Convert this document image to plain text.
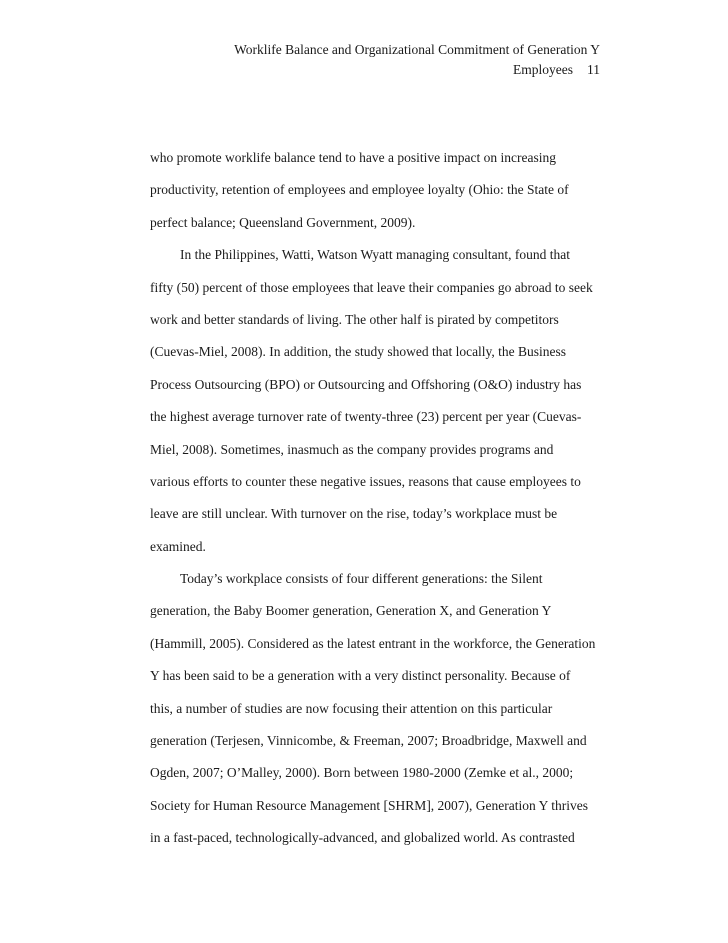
Worklife Balance and Organizational Commitment of Generation Y
Employees 11
who promote worklife balance tend to have a positive impact on increasing
productivity, retention of employees and employee loyalty (Ohio: the State of
perfect balance; Queensland Government, 2009).
In the Philippines, Watti, Watson Wyatt managing consultant, found that
fifty (50) percent of those employees that leave their companies go abroad to seek
work and better standards of living. The other half is pirated by competitors
(Cuevas-Miel, 2008). In addition, the study showed that locally, the Business
Process Outsourcing (BPO) or Outsourcing and Offshoring (O&O) industry has
the highest average turnover rate of twenty-three (23) percent per year (Cuevas-
Miel, 2008). Sometimes, inasmuch as the company provides programs and
various efforts to counter these negative issues, reasons that cause employees to
leave are still unclear. With turnover on the rise, today’s workplace must be
examined.
Today’s workplace consists of four different generations: the Silent
generation, the Baby Boomer generation, Generation X, and Generation Y
(Hammill, 2005). Considered as the latest entrant in the workforce, the Generation
Y has been said to be a generation with a very distinct personality. Because of
this, a number of studies are now focusing their attention on this particular
generation (Terjesen, Vinnicombe, & Freeman, 2007; Broadbridge, Maxwell and
Ogden, 2007; O’Malley, 2000). Born between 1980-2000 (Zemke et al., 2000;
Society for Human Resource Management [SHRM], 2007), Generation Y thrives
in a fast-paced, technologically-advanced, and globalized world. As contrasted
